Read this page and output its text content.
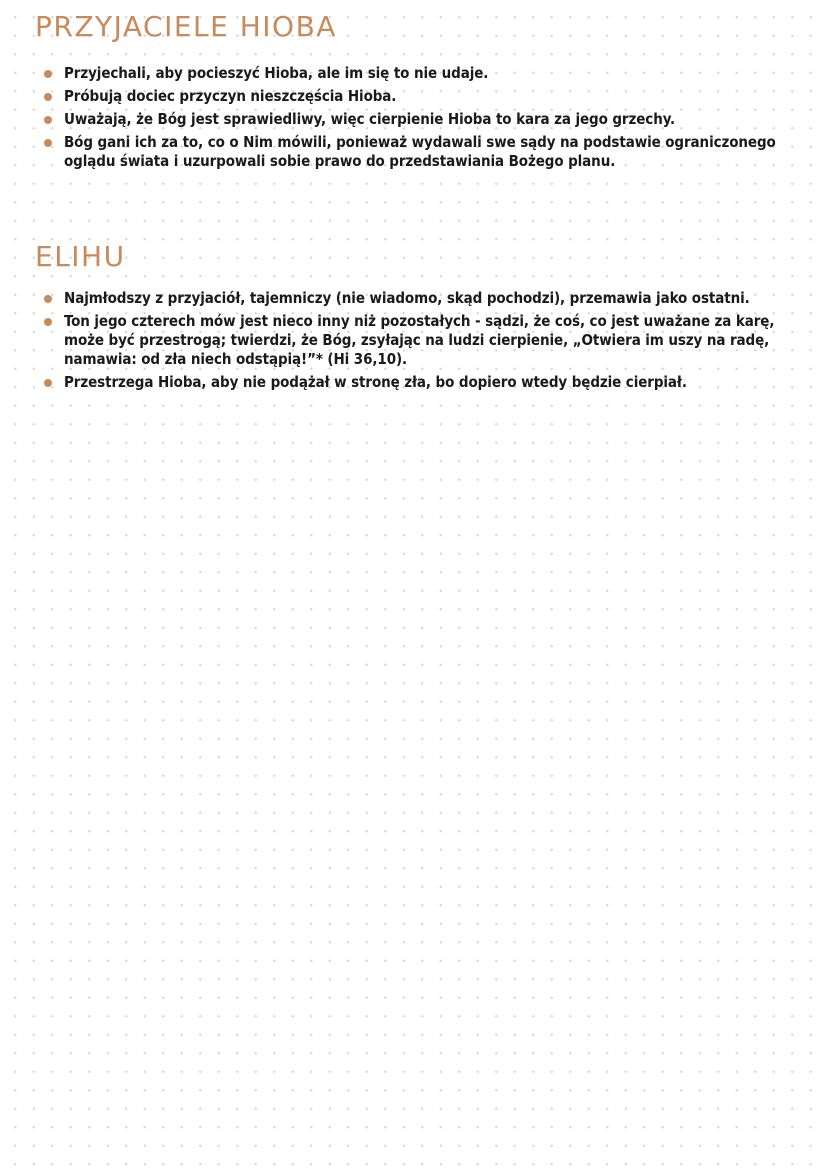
PRZYJACIELE HIOBA
Przyjechali, aby pocieszyć Hioba, ale im się to nie udaje.
Próbują dociec przyczyn nieszczęścia Hioba.
Uważają, że Bóg jest sprawiedliwy, więc cierpienie Hioba to kara za jego grzechy.
Bóg gani ich za to, co o Nim mówili, ponieważ wydawali swe sądy na podstawie ograniczonego oglądu świata i uzurpowali sobie prawo do przedstawiania Bożego planu.
ELIHU
Najmłodszy z przyjaciół, tajemniczy (nie wiadomo, skąd pochodzi), przemawia jako ostatni.
Ton jego czterech mów jest nieco inny niż pozostałych - sądzi, że coś, co jest uważane za karę, może być przestrogą; twierdzi, że Bóg, zsyłając na ludzi cierpienie, „Otwiera im uszy na radę, namawia: od zła niech odstąpią!”* (Hi 36,10).
Przestrzega Hioba, aby nie podążał w stronę zła, bo dopiero wtedy będzie cierpiał.
